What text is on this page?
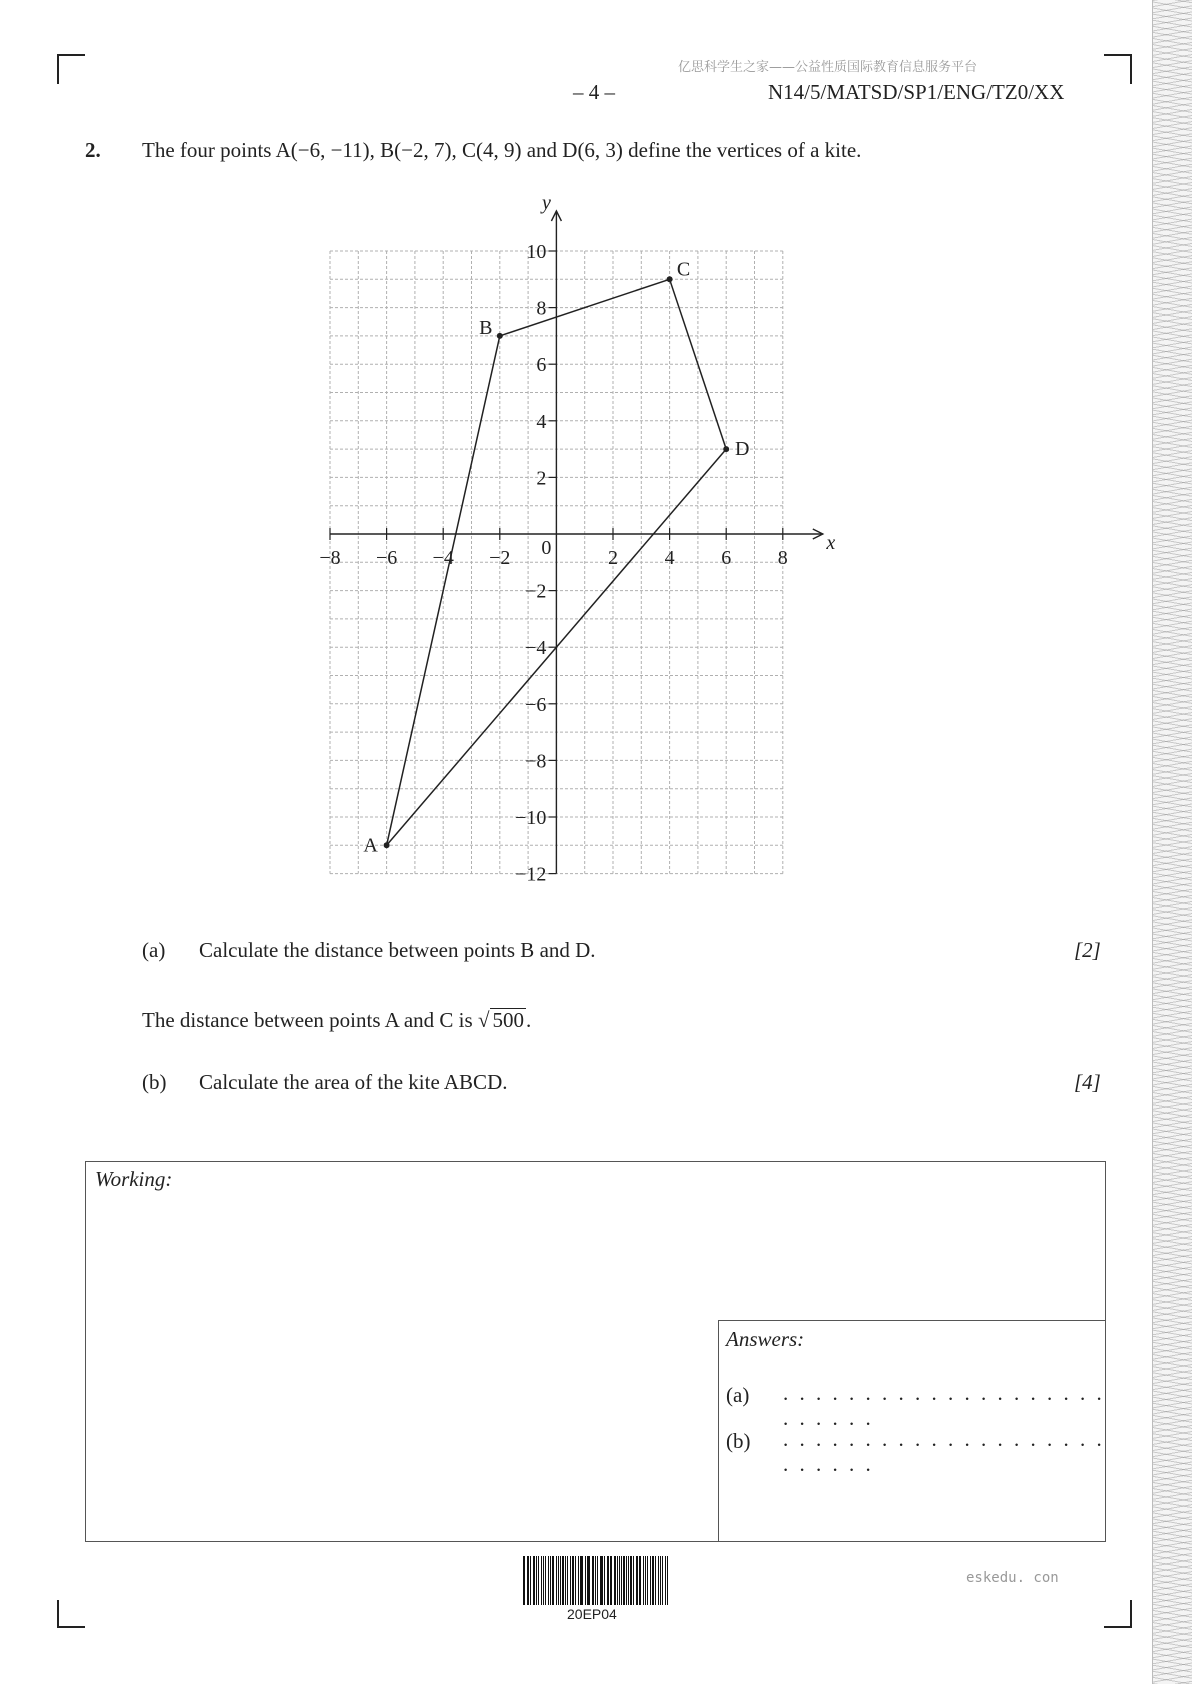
亿思科学生之家——公益性质国际教育信息服务平台
– 4 –	N14/5/MATSD/SP1/ENG/TZ0/XX
2. The four points A(−6, −11), B(−2, 7), C(4, 9) and D(6, 3) define the vertices of a kite.
x
y
−8 −6 −4 −2	2 4 6 8
0
−12
−10
−8
−6
−4
−2
2
4
6
8
10
A
B
C
D
(a) Calculate the distance between points B and D.	[2]
The distance between points A and C is √ 500.
(b) Calculate the area of the kite ABCD.	[4]
Working:
Answers:
(a) . . . . . . . . . . . . . . . . . . . . . . . . . .
(b) . . . . . . . . . . . . . . . . . . . . . . . . . .
20EP04
eskedu. con
